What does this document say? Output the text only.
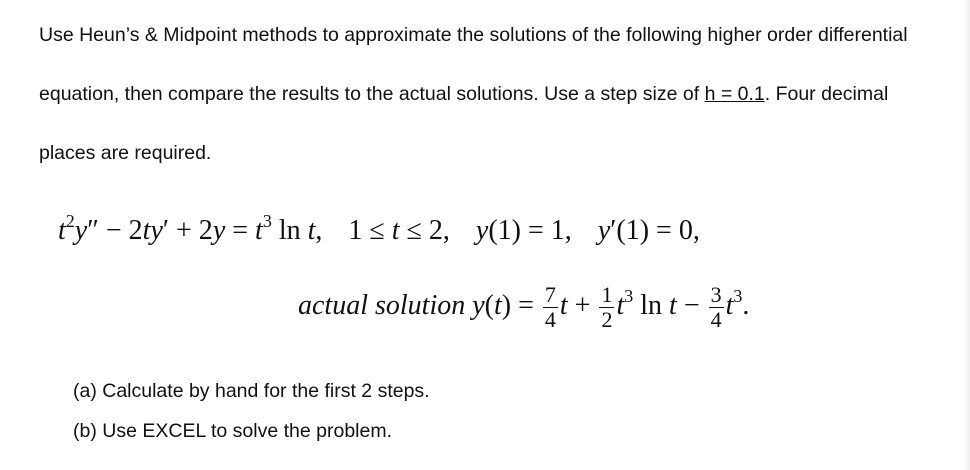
Use Heun’s & Midpoint methods to approximate the solutions of the following higher order differential
equation, then compare the results to the actual solutions. Use a step size of h = 0.1. Four decimal
places are required.
$t^2y'' - 2ty' + 2y = t^3$ ln t, 1 ≤ t ≤ 2, y(1) = 1, y′(1) = 0,
actual solution $y(t) = \frac{7}{4}$ $t + \frac{1}{2} t^3$ $\ln t - \frac{3}{4} t^3$.
(a) Calculate by hand for the first 2 steps.
(b) Use EXCEL to solve the problem.
